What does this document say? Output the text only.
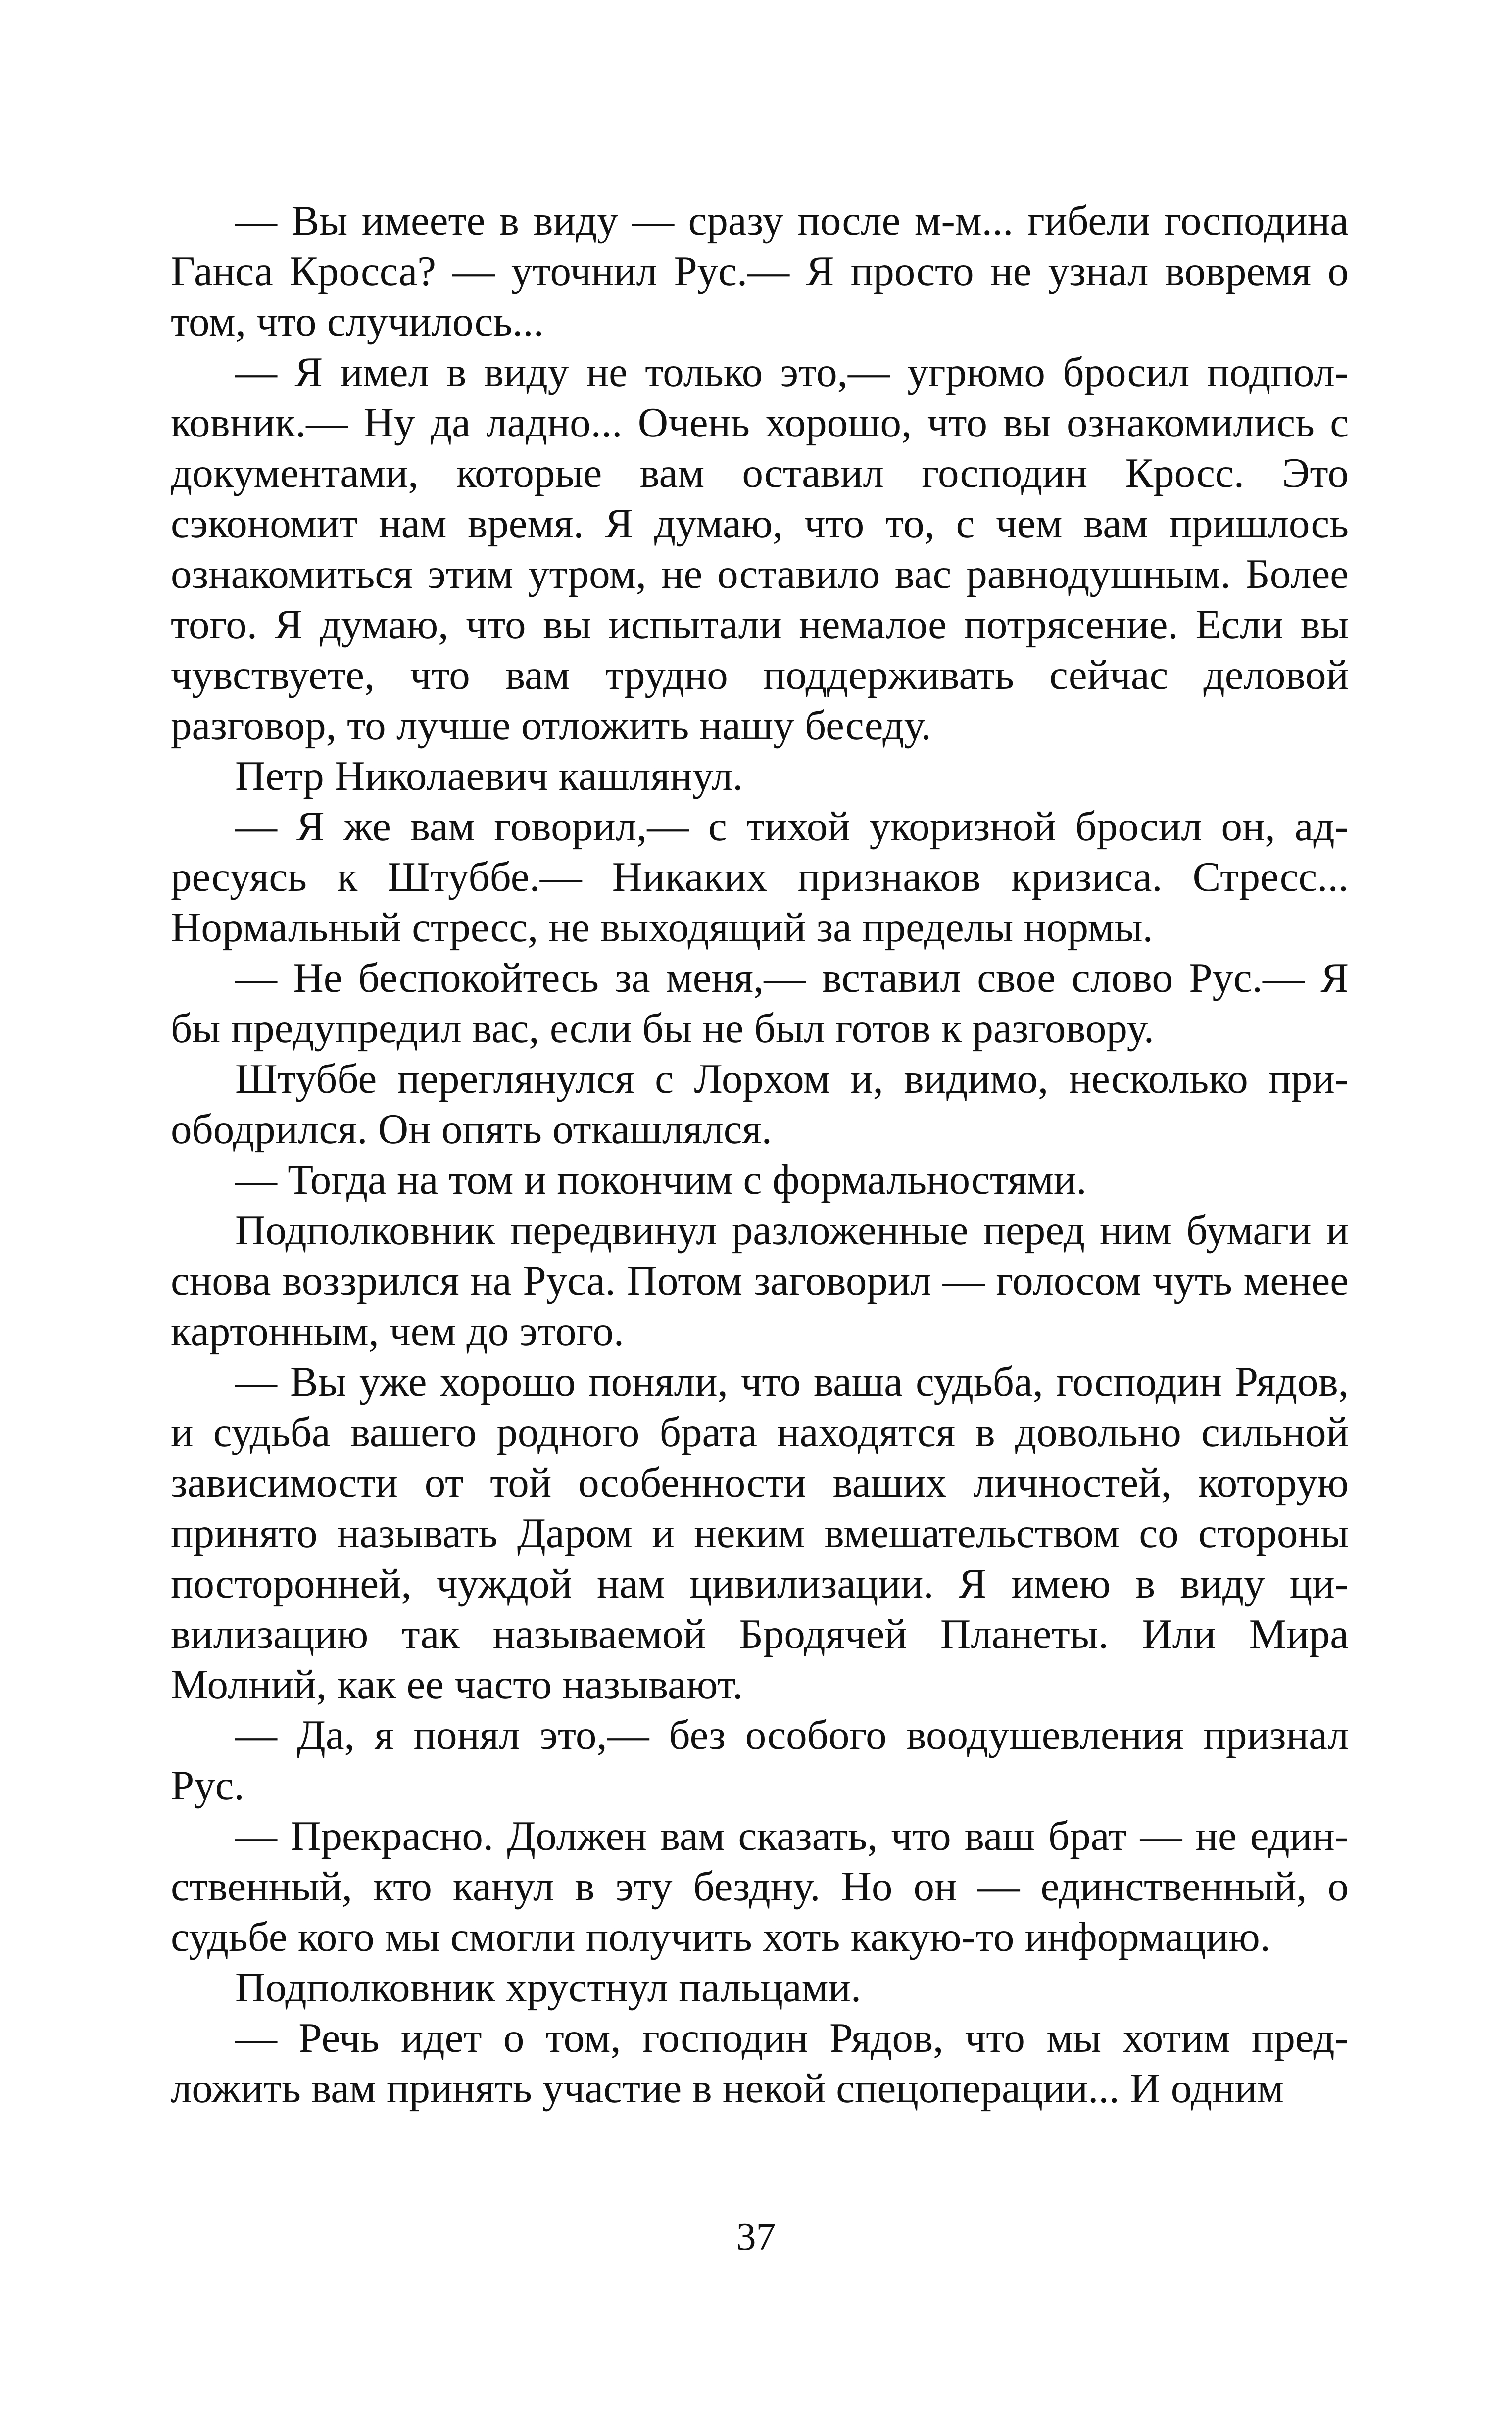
— Вы имеете в виду — сразу после м-м... гибели господина Ганса Кросса? — уточнил Рус.— Я просто не узнал вовремя о том, что случилось...

— Я имел в виду не только это,— угрюмо бросил подполковник.— Ну да ладно... Очень хорошо, что вы ознакомились с документами, которые вам оставил господин Кросс. Это сэкономит нам время. Я думаю, что то, с чем вам пришлось ознакомиться этим утром, не оставило вас равнодушным. Более того. Я думаю, что вы испытали немалое потрясение. Если вы чувствуете, что вам трудно поддерживать сейчас деловой разговор, то лучше отложить нашу беседу.

Петр Николаевич кашлянул.

— Я же вам говорил,— с тихой укоризной бросил он, адресуясь к Штуббе.— Никаких признаков кризиса. Стресс... Нормальный стресс, не выходящий за пределы нормы.

— Не беспокойтесь за меня,— вставил свое слово Рус.— Я бы предупредил вас, если бы не был готов к разговору.

Штуббе переглянулся с Лорхом и, видимо, несколько приободрился. Он опять откашлялся.

— Тогда на том и покончим с формальностями.

Подполковник передвинул разложенные перед ним бумаги и снова воззрился на Руса. Потом заговорил — голосом чуть менее картонным, чем до этого.

— Вы уже хорошо поняли, что ваша судьба, господин Рядов, и судьба вашего родного брата находятся в довольно сильной зависимости от той особенности ваших личностей, которую принято называть Даром и неким вмешательством со стороны посторонней, чуждой нам цивилизации. Я имею в виду цивилизацию так называемой Бродячей Планеты. Или Мира Молний, как ее часто называют.

— Да, я понял это,— без особого воодушевления признал Рус.

— Прекрасно. Должен вам сказать, что ваш брат — не единственный, кто канул в эту бездну. Но он — единственный, о судьбе кого мы смогли получить хоть какую-то информацию.

Подполковник хрустнул пальцами.

— Речь идет о том, господин Рядов, что мы хотим предложить вам принять участие в некой спецоперации... И одним

37
